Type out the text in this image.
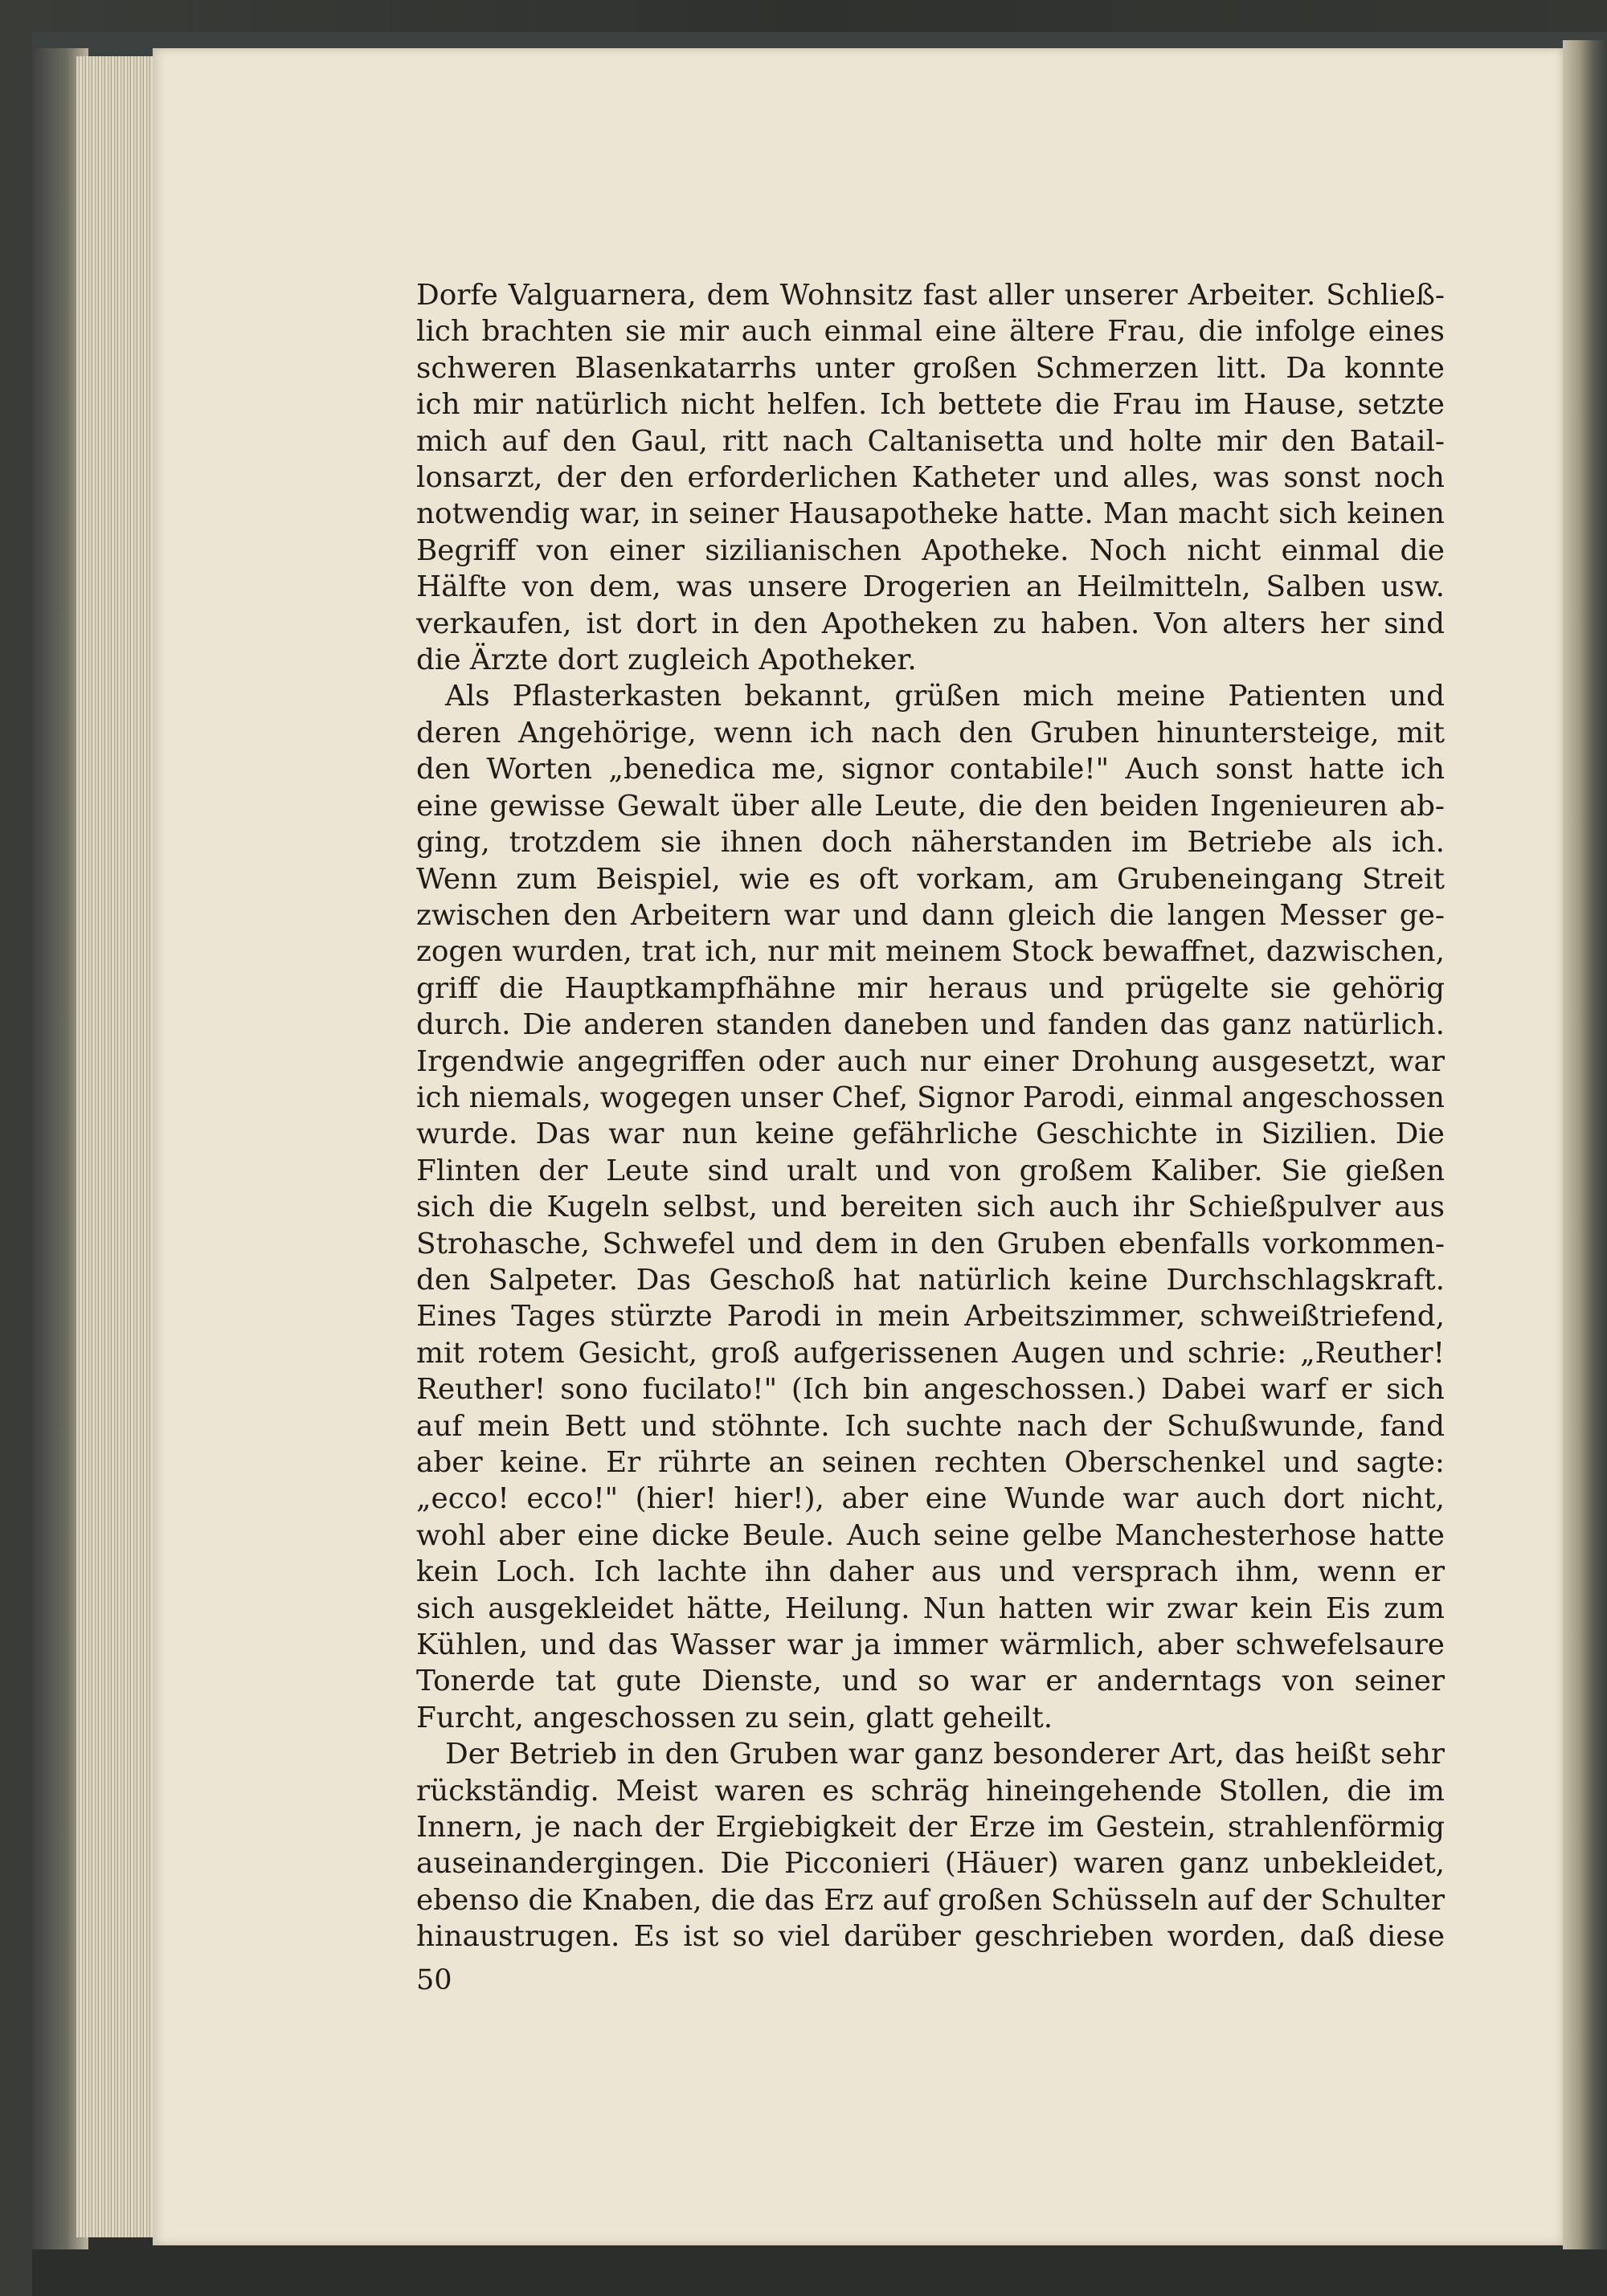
Dorfe Valguarnera, dem Wohnsitz fast aller unserer Arbeiter. Schließ-
lich brachten sie mir auch einmal eine ältere Frau, die infolge eines
schweren Blasenkatarrhs unter großen Schmerzen litt. Da konnte
ich mir natürlich nicht helfen. Ich bettete die Frau im Hause, setzte
mich auf den Gaul, ritt nach Caltanisetta und holte mir den Batail-
lonsarzt, der den erforderlichen Katheter und alles, was sonst noch
notwendig war, in seiner Hausapotheke hatte. Man macht sich keinen
Begriff von einer sizilianischen Apotheke. Noch nicht einmal die
Hälfte von dem, was unsere Drogerien an Heilmitteln, Salben usw.
verkaufen, ist dort in den Apotheken zu haben. Von alters her sind
die Ärzte dort zugleich Apotheker.
Als Pflasterkasten bekannt, grüßen mich meine Patienten und
deren Angehörige, wenn ich nach den Gruben hinuntersteige, mit
den Worten „benedica me, signor contabile!" Auch sonst hatte ich
eine gewisse Gewalt über alle Leute, die den beiden Ingenieuren ab-
ging, trotzdem sie ihnen doch näherstanden im Betriebe als ich.
Wenn zum Beispiel, wie es oft vorkam, am Grubeneingang Streit
zwischen den Arbeitern war und dann gleich die langen Messer ge-
zogen wurden, trat ich, nur mit meinem Stock bewaffnet, dazwischen,
griff die Hauptkampfhähne mir heraus und prügelte sie gehörig
durch. Die anderen standen daneben und fanden das ganz natürlich.
Irgendwie angegriffen oder auch nur einer Drohung ausgesetzt, war
ich niemals, wogegen unser Chef, Signor Parodi, einmal angeschossen
wurde. Das war nun keine gefährliche Geschichte in Sizilien. Die
Flinten der Leute sind uralt und von großem Kaliber. Sie gießen
sich die Kugeln selbst, und bereiten sich auch ihr Schießpulver aus
Strohasche, Schwefel und dem in den Gruben ebenfalls vorkommen-
den Salpeter. Das Geschoß hat natürlich keine Durchschlagskraft.
Eines Tages stürzte Parodi in mein Arbeitszimmer, schweißtriefend,
mit rotem Gesicht, groß aufgerissenen Augen und schrie: „Reuther!
Reuther! sono fucilato!" (Ich bin angeschossen.) Dabei warf er sich
auf mein Bett und stöhnte. Ich suchte nach der Schußwunde, fand
aber keine. Er rührte an seinen rechten Oberschenkel und sagte:
„ecco! ecco!" (hier! hier!), aber eine Wunde war auch dort nicht,
wohl aber eine dicke Beule. Auch seine gelbe Manchesterhose hatte
kein Loch. Ich lachte ihn daher aus und versprach ihm, wenn er
sich ausgekleidet hätte, Heilung. Nun hatten wir zwar kein Eis zum
Kühlen, und das Wasser war ja immer wärmlich, aber schwefelsaure
Tonerde tat gute Dienste, und so war er anderntags von seiner
Furcht, angeschossen zu sein, glatt geheilt.
Der Betrieb in den Gruben war ganz besonderer Art, das heißt sehr
rückständig. Meist waren es schräg hineingehende Stollen, die im
Innern, je nach der Ergiebigkeit der Erze im Gestein, strahlenförmig
auseinandergingen. Die Picconieri (Häuer) waren ganz unbekleidet,
ebenso die Knaben, die das Erz auf großen Schüsseln auf der Schulter
hinaustrugen. Es ist so viel darüber geschrieben worden, daß diese
50
